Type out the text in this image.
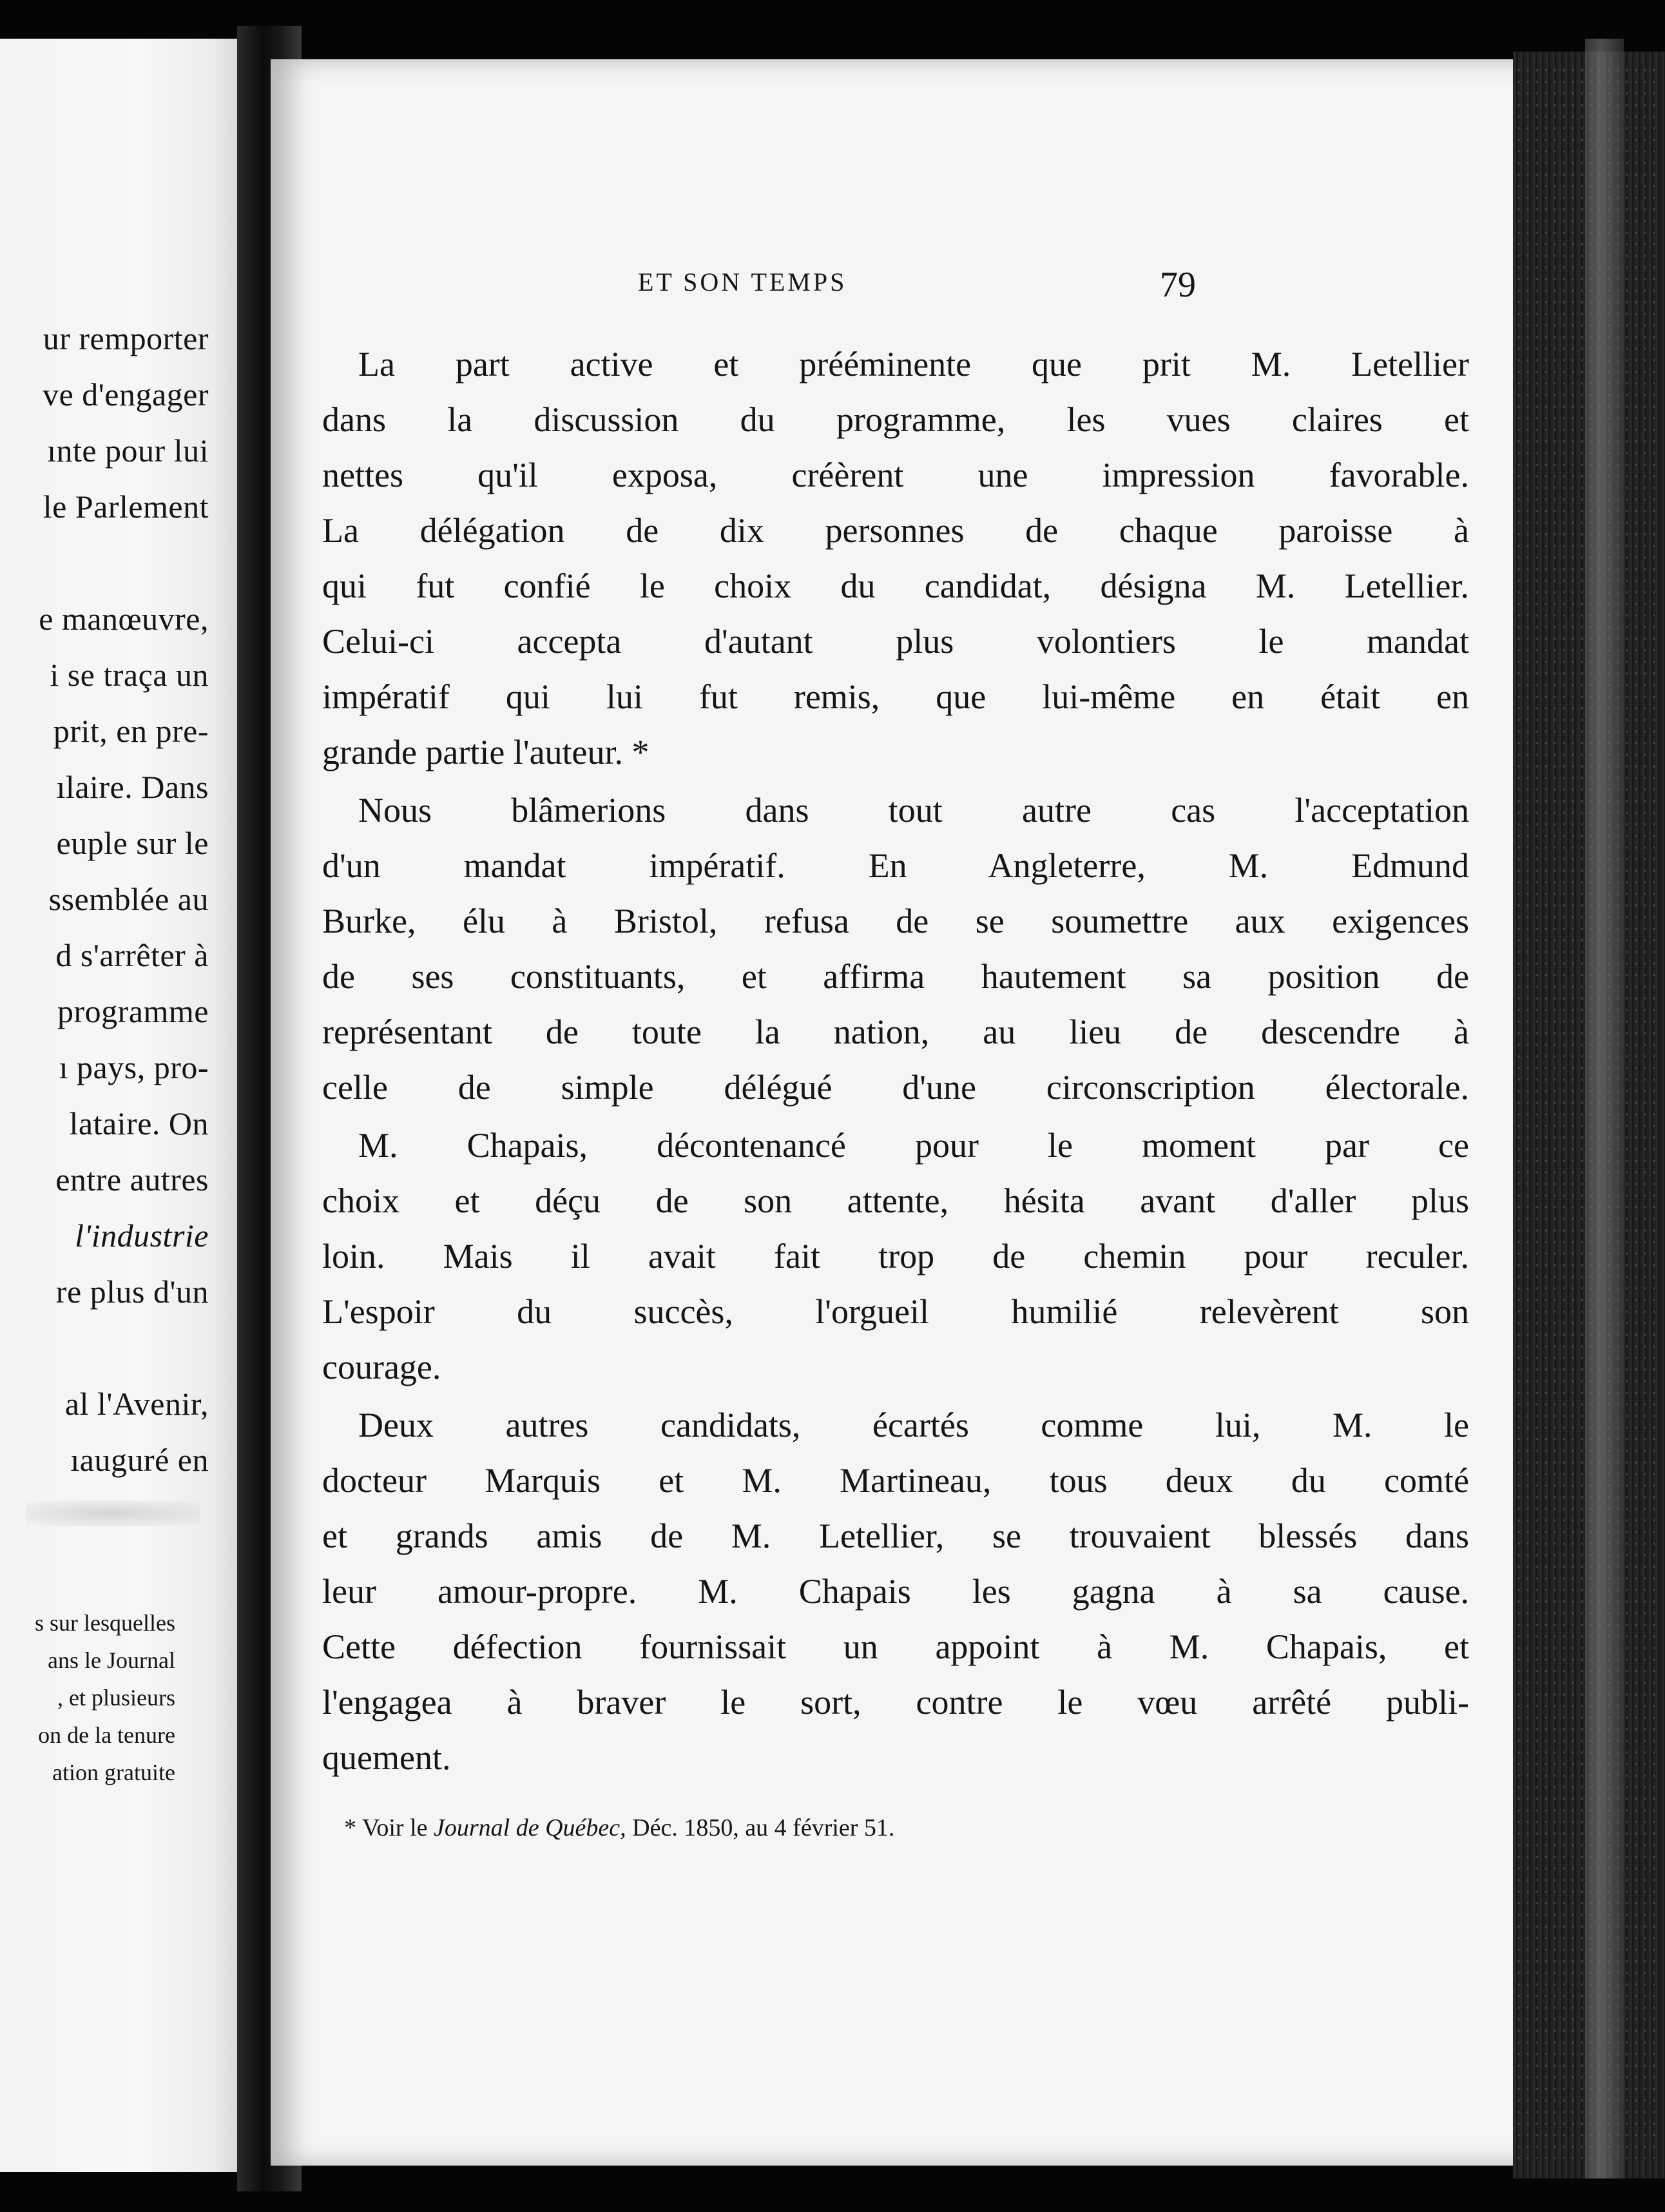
ur remporter
ve d'engager
ınte pour lui
le Parlement
e manœuvre,
i se traça un
prit, en pre-
ılaire. Dans
euple sur le
ssemblée au
d s'arrêter à
programme
ı pays, pro-
lataire. On
entre autres
l'industrie
re plus d'un
al l'Avenir,
ıauguré en
s sur lesquelles
ans le Journal
, et plusieurs
on de la tenure
ation gratuite
ET SON TEMPS	79
La part active et prééminente que prit M. Letellier
dans la discussion du programme, les vues claires et
nettes qu'il exposa, créèrent une impression favorable.
La délégation de dix personnes de chaque paroisse à
qui fut confié le choix du candidat, désigna M. Letellier.
Celui-ci accepta d'autant plus volontiers le mandat
impératif qui lui fut remis, que lui-même en était en
grande partie l'auteur. *
Nous blâmerions dans tout autre cas l'acceptation
d'un mandat impératif. En Angleterre, M. Edmund
Burke, élu à Bristol, refusa de se soumettre aux exigences
de ses constituants, et affirma hautement sa position de
représentant de toute la nation, au lieu de descendre à
celle de simple délégué d'une circonscription électorale.
M. Chapais, décontenancé pour le moment par ce
choix et déçu de son attente, hésita avant d'aller plus
loin. Mais il avait fait trop de chemin pour reculer.
L'espoir du succès, l'orgueil humilié relevèrent son
courage.
Deux autres candidats, écartés comme lui, M. le
docteur Marquis et M. Martineau, tous deux du comté
et grands amis de M. Letellier, se trouvaient blessés dans
leur amour-propre. M. Chapais les gagna à sa cause.
Cette défection fournissait un appoint à M. Chapais, et
l'engagea à braver le sort, contre le vœu arrêté publi-
quement.
* Voir le Journal de Québec, Déc. 1850, au 4 février 51.
